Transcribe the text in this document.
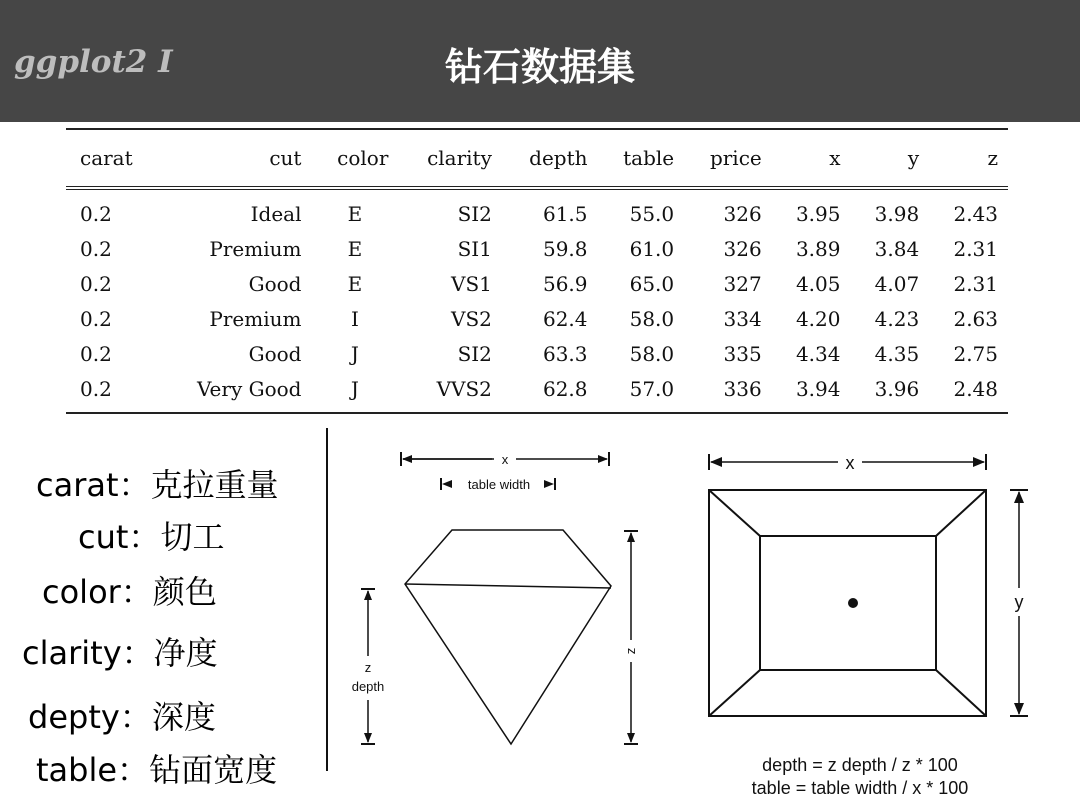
ggplot2 I	钻石数据集
carat	cut	color	clarity	depth	table	price	x	y	z
0.2	Ideal	E	SI2	61.5	55.0	326	3.95	3.98	2.43
0.2	Premium	E	SI1	59.8	61.0	326	3.89	3.84	2.31
0.2	Good	E	VS1	56.9	65.0	327	4.05	4.07	2.31
0.2	Premium	I	VS2	62.4	58.0	334	4.20	4.23	2.63
0.2	Good	J	SI2	63.3	58.0	335	4.34	4.35	2.75
0.2	Very Good	J	VVS2	62.8	57.0	336	3.94	3.96	2.48
carat：克拉重量
cut：切工
color：颜色
clarity：净度
depty：深度
table：钻面宽度
x
table width
z
z
depth
x
y
depth = z depth / z * 100
table = table width / x * 100
